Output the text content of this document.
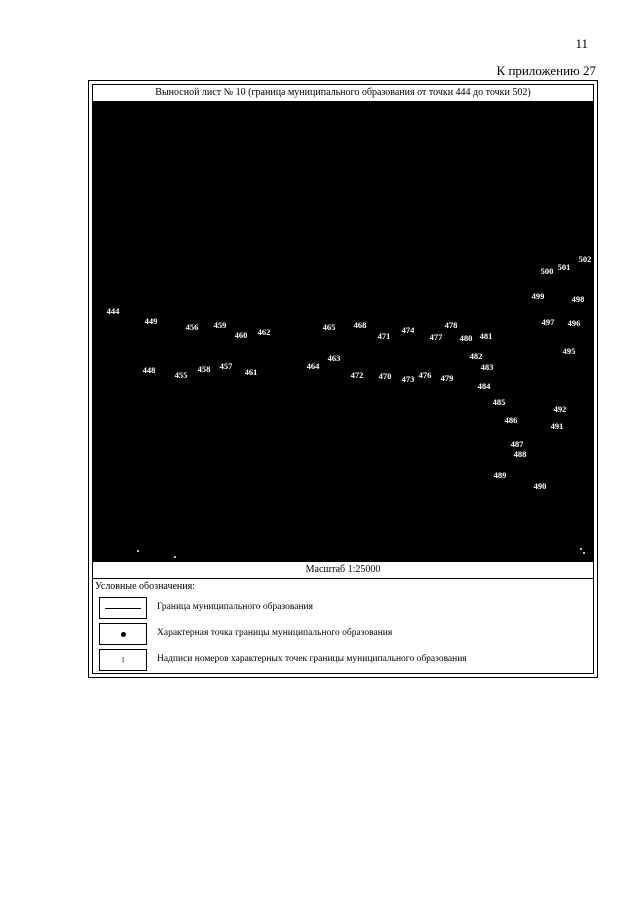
11
К приложению 27
Выносной лист № 10 (граница муниципального образования от точки 444 до точки 502)
444
449
456 459
460 462
448 455
458 457
461
465 468
463
464
471
474	478
477 480 481
472 470 473 476 479
482
483
484
485
486
487
488
489
490
500 501
502
499	498
497 496
495
492
491
Масштаб 1:25000
Условные обозначения:
Граница муниципального образования
Характерная точка границы муниципального образования
1	Надписи номеров характерных точек границы муниципального образования
